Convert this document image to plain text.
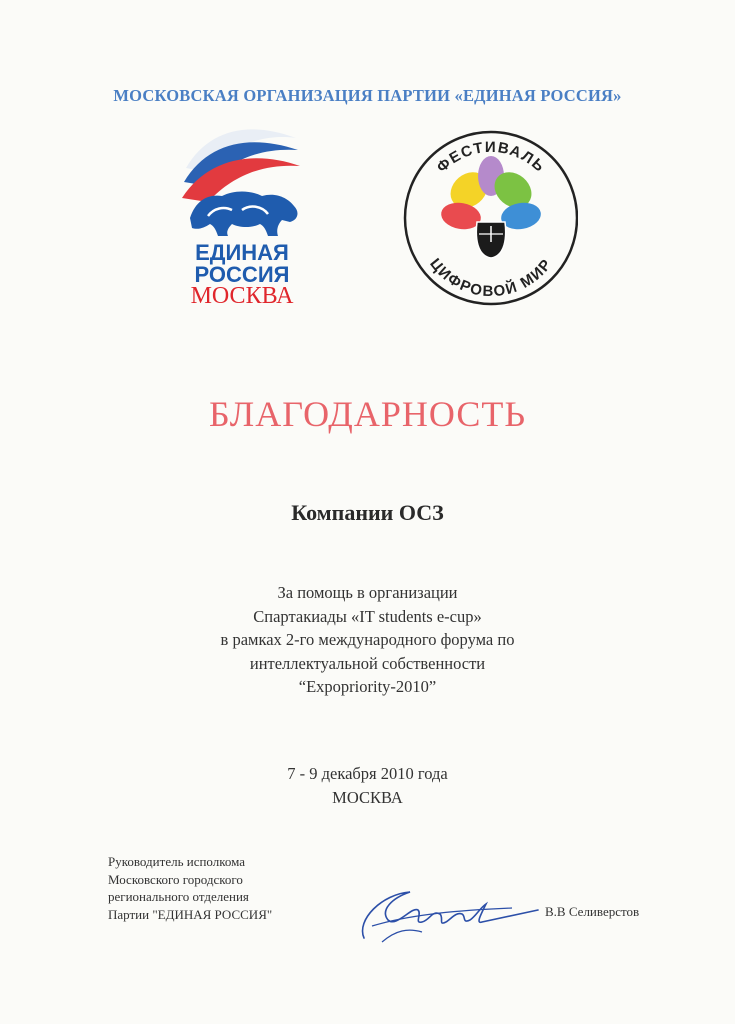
МОСКОВСКАЯ ОРГАНИЗАЦИЯ ПАРТИИ «ЕДИНАЯ РОССИЯ»
ЕДИНАЯ
РОССИЯ
МОСКВА
ФЕСТИВАЛЬ
ЦИФРОВОЙ МИР
БЛАГОДАРНОСТЬ
Компании ОСЗ
За помощь в организации
Спартакиады «IT students e-cup»
в рамках 2-го международного форума по
интеллектуальной собственности
“Expopriority-2010”
7 - 9 декабря 2010 года
МОСКВА
Руководитель исполкома
Московского городского
регионального отделения
Партии "ЕДИНАЯ РОССИЯ"	В.В Селиверстов
